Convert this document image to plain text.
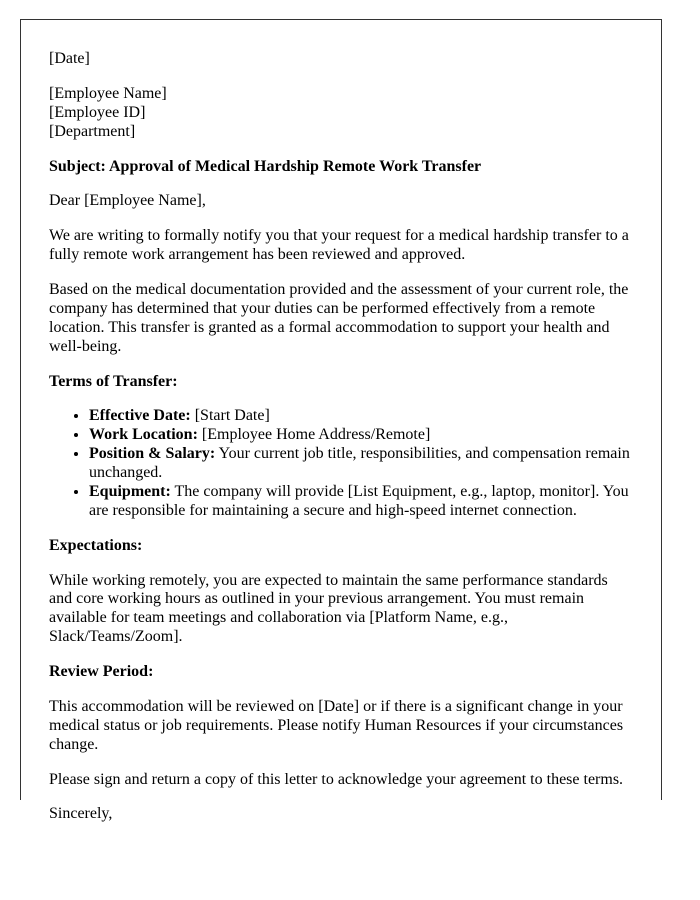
[Date]

[Employee Name]
[Employee ID]
[Department]

Subject: Approval of Medical Hardship Remote Work Transfer

Dear [Employee Name],

We are writing to formally notify you that your request for a medical hardship transfer to a fully remote work arrangement has been reviewed and approved.

Based on the medical documentation provided and the assessment of your current role, the company has determined that your duties can be performed effectively from a remote location. This transfer is granted as a formal accommodation to support your health and well-being.

Terms of Transfer:

• Effective Date: [Start Date]
• Work Location: [Employee Home Address/Remote]
• Position & Salary: Your current job title, responsibilities, and compensation remain unchanged.
• Equipment: The company will provide [List Equipment, e.g., laptop, monitor]. You are responsible for maintaining a secure and high-speed internet connection.

Expectations:

While working remotely, you are expected to maintain the same performance standards and core working hours as outlined in your previous arrangement. You must remain available for team meetings and collaboration via [Platform Name, e.g., Slack/Teams/Zoom].

Review Period:

This accommodation will be reviewed on [Date] or if there is a significant change in your medical status or job requirements. Please notify Human Resources if your circumstances change.

Please sign and return a copy of this letter to acknowledge your agreement to these terms.

Sincerely,
